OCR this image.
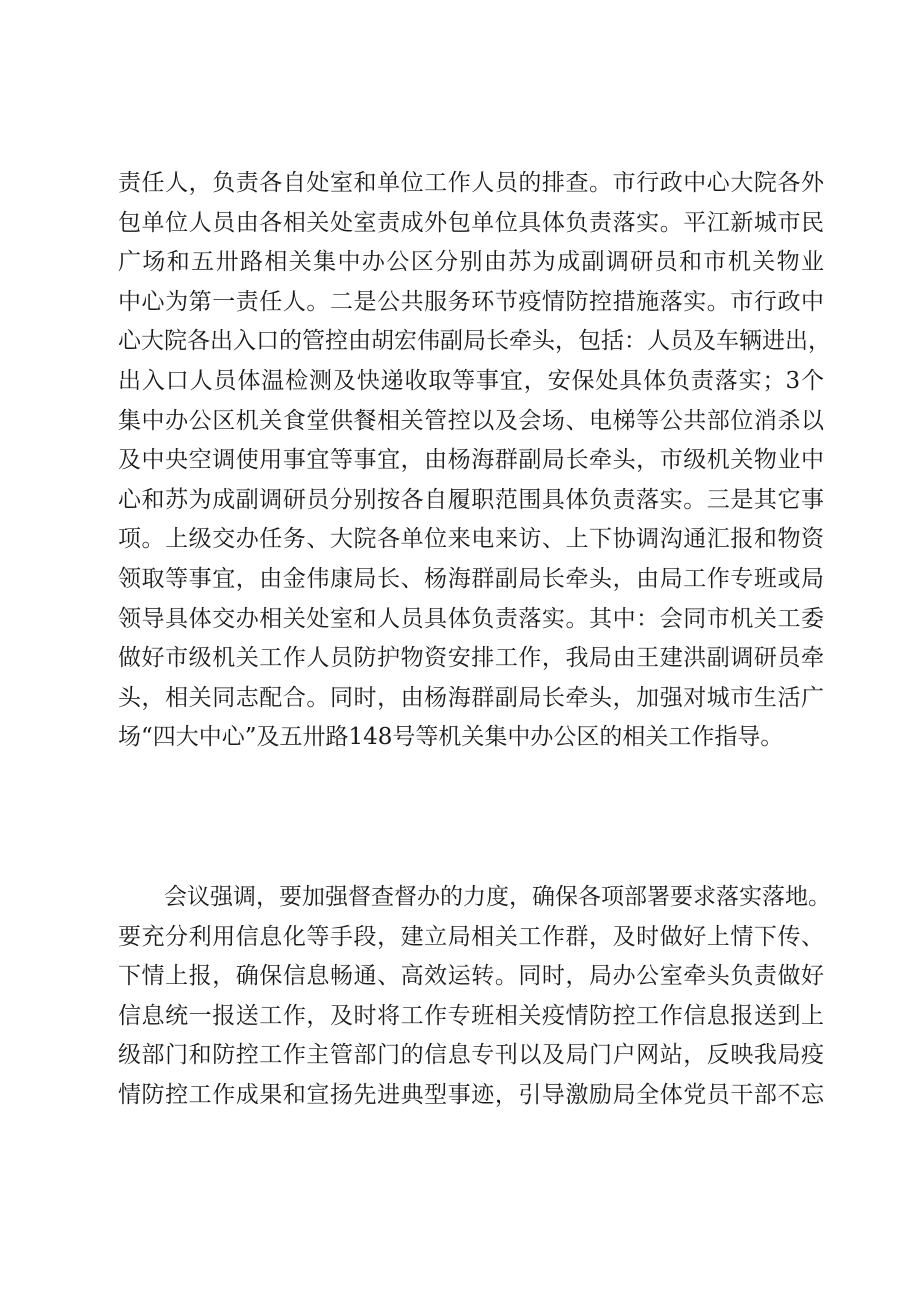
责任人，负责各自处室和单位工作人员的排查。市行政中心大院各外
包单位人员由各相关处室责成外包单位具体负责落实。平江新城市民
广场和五卅路相关集中办公区分别由苏为成副调研员和市机关物业
中心为第一责任人。二是公共服务环节疫情防控措施落实。市行政中
心大院各出入口的管控由胡宏伟副局长牵头，包括：人员及车辆进出，
出入口人员体温检测及快递收取等事宜，安保处具体负责落实；3个
集中办公区机关食堂供餐相关管控以及会场、电梯等公共部位消杀以
及中央空调使用事宜等事宜，由杨海群副局长牵头，市级机关物业中
心和苏为成副调研员分别按各自履职范围具体负责落实。三是其它事
项。上级交办任务、大院各单位来电来访、上下协调沟通汇报和物资
领取等事宜，由金伟康局长、杨海群副局长牵头，由局工作专班或局
领导具体交办相关处室和人员具体负责落实。其中：会同市机关工委
做好市级机关工作人员防护物资安排工作，我局由王建洪副调研员牵
头，相关同志配合。同时，由杨海群副局长牵头，加强对城市生活广
场“四大中心”及五卅路148号等机关集中办公区的相关工作指导。
　　会议强调，要加强督查督办的力度，确保各项部署要求落实落地。
要充分利用信息化等手段，建立局相关工作群，及时做好上情下传、
下情上报，确保信息畅通、高效运转。同时，局办公室牵头负责做好
信息统一报送工作，及时将工作专班相关疫情防控工作信息报送到上
级部门和防控工作主管部门的信息专刊以及局门户网站，反映我局疫
情防控工作成果和宣扬先进典型事迹，引导激励局全体党员干部不忘
